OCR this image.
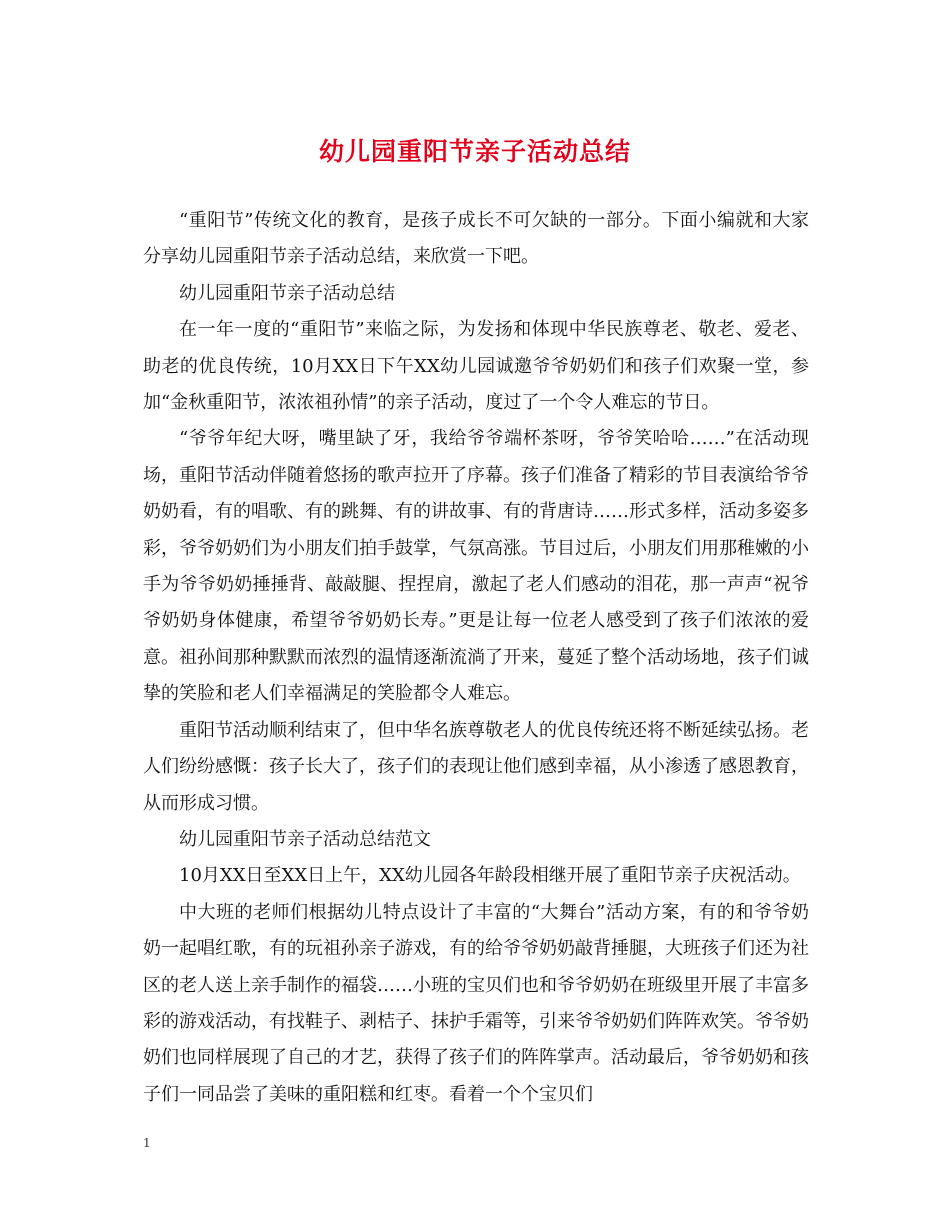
幼儿园重阳节亲子活动总结

“重阳节”传统文化的教育，是孩子成长不可欠缺的一部分。下面小编就和大家分享幼儿园重阳节亲子活动总结，来欣赏一下吧。

幼儿园重阳节亲子活动总结

在一年一度的“重阳节”来临之际，为发扬和体现中华民族尊老、敬老、爱老、助老的优良传统，10月XX日下午XX幼儿园诚邀爷爷奶奶们和孩子们欢聚一堂，参加“金秋重阳节，浓浓祖孙情”的亲子活动，度过了一个令人难忘的节日。

“爷爷年纪大呀，嘴里缺了牙，我给爷爷端杯茶呀，爷爷笑哈哈……”在活动现场，重阳节活动伴随着悠扬的歌声拉开了序幕。孩子们准备了精彩的节目表演给爷爷奶奶看，有的唱歌、有的跳舞、有的讲故事、有的背唐诗……形式多样，活动多姿多彩，爷爷奶奶们为小朋友们拍手鼓掌，气氛高涨。节目过后，小朋友们用那稚嫩的小手为爷爷奶奶捶捶背、敲敲腿、捏捏肩，激起了老人们感动的泪花，那一声声“祝爷爷奶奶身体健康，希望爷爷奶奶长寿。”更是让每一位老人感受到了孩子们浓浓的爱意。祖孙间那种默默而浓烈的温情逐渐流淌了开来，蔓延了整个活动场地，孩子们诚挚的笑脸和老人们幸福满足的笑脸都令人难忘。

重阳节活动顺利结束了，但中华名族尊敬老人的优良传统还将不断延续弘扬。老人们纷纷感慨：孩子长大了，孩子们的表现让他们感到幸福，从小渗透了感恩教育，从而形成习惯。

幼儿园重阳节亲子活动总结范文

10月XX日至XX日上午，XX幼儿园各年龄段相继开展了重阳节亲子庆祝活动。

中大班的老师们根据幼儿特点设计了丰富的“大舞台”活动方案，有的和爷爷奶奶一起唱红歌，有的玩祖孙亲子游戏，有的给爷爷奶奶敲背捶腿，大班孩子们还为社区的老人送上亲手制作的福袋……小班的宝贝们也和爷爷奶奶在班级里开展了丰富多彩的游戏活动，有找鞋子、剥桔子、抹护手霜等，引来爷爷奶奶们阵阵欢笑。爷爷奶奶们也同样展现了自己的才艺，获得了孩子们的阵阵掌声。活动最后，爷爷奶奶和孩子们一同品尝了美味的重阳糕和红枣。看着一个个宝贝们

1
